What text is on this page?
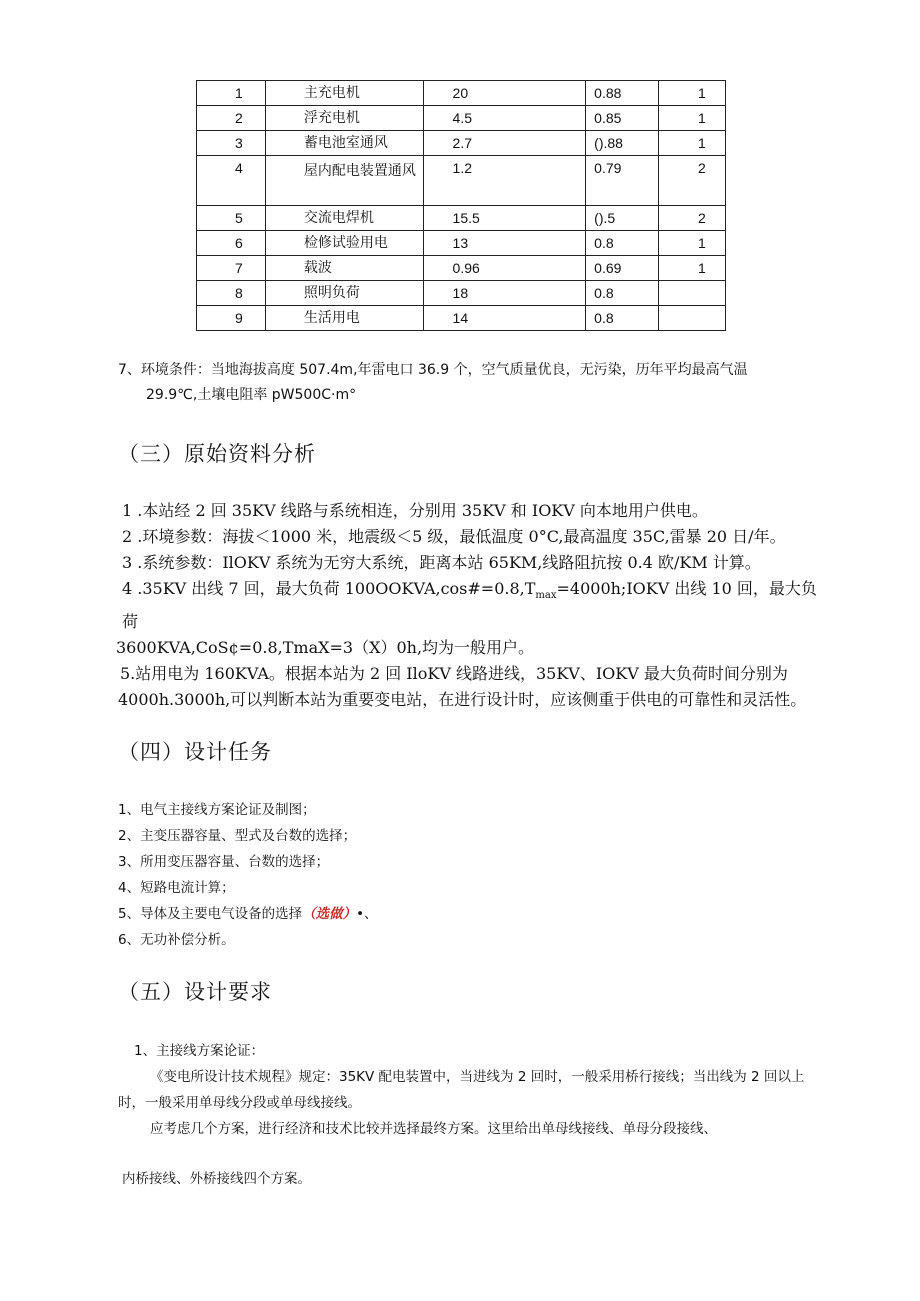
1	主充电机	20	0.88	1
2	浮充电机	4.5	0.85	1
3	蓄电池室通风	2.7	().88	1
4	屋内配电装置通风	1.2	0.79	2
5	交流电焊机	15.5	().5	2
6	检修试验用电	13	0.8	1
7	载波	0.96	0.69	1
8	照明负荷	18	0.8	
9	生活用电	14	0.8	
7、环境条件：当地海拔高度 507.4m,年雷电口 36.9 个，空气质量优良，无污染，历年平均最高气温
29.9℃,土壤电阻率 pW500C·m°
（三）原始资料分析

1 .本站经 2 回 35KV 线路与系统相连，分别用 35KV 和 IOKV 向本地用户供电。

2 .环境参数：海拔＜1000 米，地震级＜5 级，最低温度 0°C,最高温度 35C,雷暴 20 日/年。

3 .系统参数：IlOKV 系统为无穷大系统，距离本站 65KM,线路阻抗按 0.4 欧/KM 计算。

4 .35KV 出线 7 回，最大负荷 $100OOKVA,\cos\#=0.8,T_{max}=4000h;IOKV$ 出线 10 回，最大负荷

3600KVA,CoS¢=0.8,TmaX=3（X）0h,均为一般用户。

5.站用电为 160KVA。根据本站为 2 回 IloKV 线路进线，35KV、IOKV 最大负荷时间分别为 4000h.3000h,可以判断本站为重要变电站，在进行设计时，应该侧重于供电的可靠性和灵活性。

（四）设计任务
1、电气主接线方案论证及制图；
2、主变压器容量、型式及台数的选择；
3、所用变压器容量、台数的选择；
4、短路电流计算；
5、导体及主要电气设备的选择（选做）•、
6、无功补偿分析。
（五）设计要求

1、主接线方案论证：

《变电所设计技术规程》规定：35KV 配电装置中，当进线为 2 回时，一般采用桥行接线；当出线为 2 回以上时，一般采用单母线分段或单母线接线。

应考虑几个方案，进行经济和技术比较并选择最终方案。这里给出单母线接线、单母分段接线、

内桥接线、外桥接线四个方案。
